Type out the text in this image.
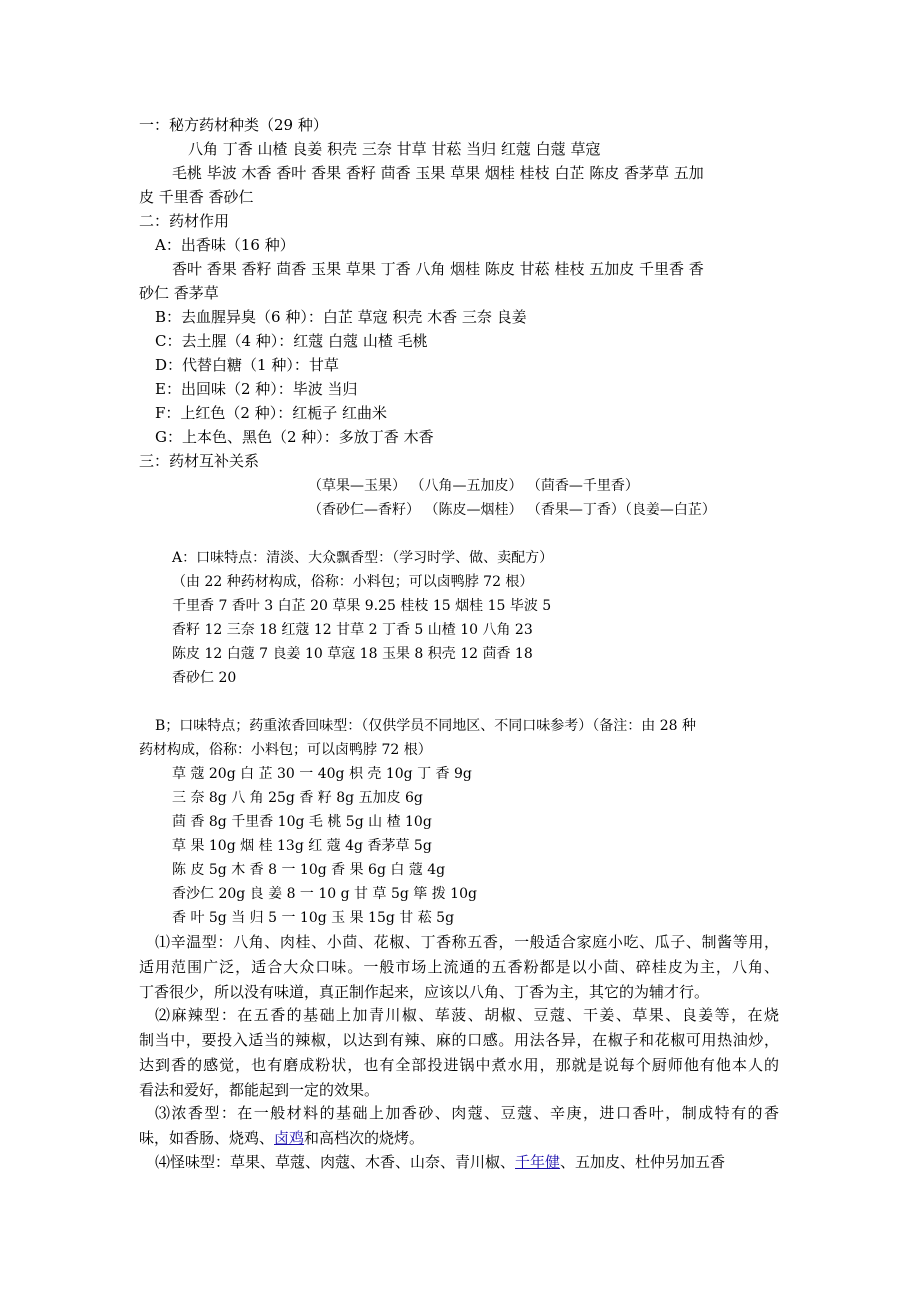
一：秘方药材种类（29 种）
八角 丁香 山楂 良姜 积壳 三奈 甘草 甘菘 当归 红蔻 白蔻 草寇
毛桃 毕波 木香 香叶 香果 香籽 茴香 玉果 草果 烟桂 桂枝 白芷 陈皮 香茅草 五加
皮 千里香 香砂仁
二：药材作用
A：出香味（16 种）
香叶 香果 香籽 茴香 玉果 草果 丁香 八角 烟桂 陈皮 甘菘 桂枝 五加皮 千里香 香
砂仁 香茅草
B：去血腥异臭（6 种）：白芷 草寇 积壳 木香 三奈 良姜
C：去土腥（4 种）：红蔻 白蔻 山楂 毛桃
D：代替白糖（1 种）：甘草
E：出回味（2 种）：毕波 当归
F：上红色（2 种）：红栀子 红曲米
G：上本色、黑色（2 种）：多放丁香 木香
三：药材互补关系
（草果—玉果） （八角—五加皮） （茴香—千里香）
（香砂仁—香籽） （陈皮—烟桂） （香果—丁香）（良姜—白芷）
A：口味特点：清淡、大众飘香型：（学习时学、做、卖配方）
（由 22 种药材构成，俗称：小料包；可以卤鸭脖 72 根）
千里香 7 香叶 3 白芷 20 草果 9.25 桂枝 15 烟桂 15 毕波 5
香籽 12 三奈 18 红蔻 12 甘草 2 丁香 5 山楂 10 八角 23
陈皮 12 白蔻 7 良姜 10 草寇 18 玉果 8 积壳 12 茴香 18
香砂仁 20
B；口味特点；药重浓香回味型：（仅供学员不同地区、不同口味参考）（备注：由 28 种
药材构成，俗称：小料包；可以卤鸭脖 72 根）
草 蔻 20g 白 芷 30 一 40g 枳 壳 10g 丁 香 9g
三 奈 8g 八 角 25g 香 籽 8g 五加皮 6g
茴 香 8g 千里香 10g 毛 桃 5g 山 楂 10g
草 果 10g 烟 桂 13g 红 蔻 4g 香茅草 5g
陈 皮 5g 木 香 8 一 10g 香 果 6g 白 蔻 4g
香沙仁 20g 良 姜 8 一 10 g 甘 草 5g 筚 拨 10g
香 叶 5g 当 归 5 一 10g 玉 果 15g 甘 菘 5g
⑴辛温型：八角、肉桂、小茴、花椒、丁香称五香，一般适合家庭小吃、瓜子、制酱等用，
适用范围广泛，适合大众口味。一般市场上流通的五香粉都是以小茴、碎桂皮为主，八角、
丁香很少，所以没有味道，真正制作起来，应该以八角、丁香为主，其它的为辅才行。
⑵麻辣型：在五香的基础上加青川椒、荜菠、胡椒、豆蔻、干姜、草果、良姜等，在烧
制当中，要投入适当的辣椒，以达到有辣、麻的口感。用法各异，在椒子和花椒可用热油炒，
达到香的感觉，也有磨成粉状，也有全部投进锅中煮水用，那就是说每个厨师他有他本人的
看法和爱好，都能起到一定的效果。
⑶浓香型：在一般材料的基础上加香砂、肉蔻、豆蔻、辛庚，进口香叶，制成特有的香
味，如香肠、烧鸡、卤鸡和高档次的烧烤。
⑷怪味型：草果、草蔻、肉蔻、木香、山奈、青川椒、千年健、五加皮、杜仲另加五香
